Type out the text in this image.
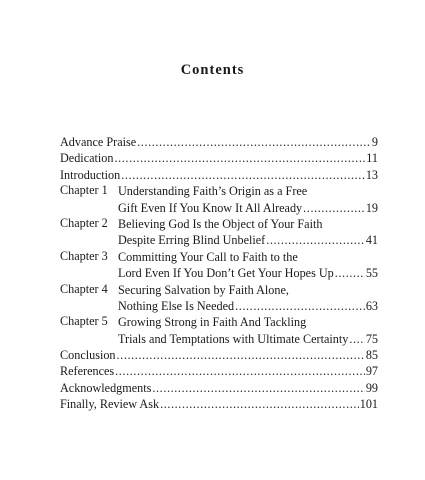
Contents
Advance Praise .....	9
Dedication .....	11
Introduction .....	13
Chapter 1 Understanding Faith’s Origin as a Free
Gift Even If You Know It All Already .....	19
Chapter 2 Believing God Is the Object of Your Faith
Despite Erring Blind Unbelief .....	41
Chapter 3 Committing Your Call to Faith to the
Lord Even If You Don’t Get Your Hopes Up .....	55
Chapter 4 Securing Salvation by Faith Alone,
Nothing Else Is Needed .....	63
Chapter 5 Growing Strong in Faith And Tackling
Trials and Temptations with Ultimate Certainty ..... 75
Conclusion .....	85
References .....	97
Acknowledgments .....	99
Finally, Review Ask .....	101
